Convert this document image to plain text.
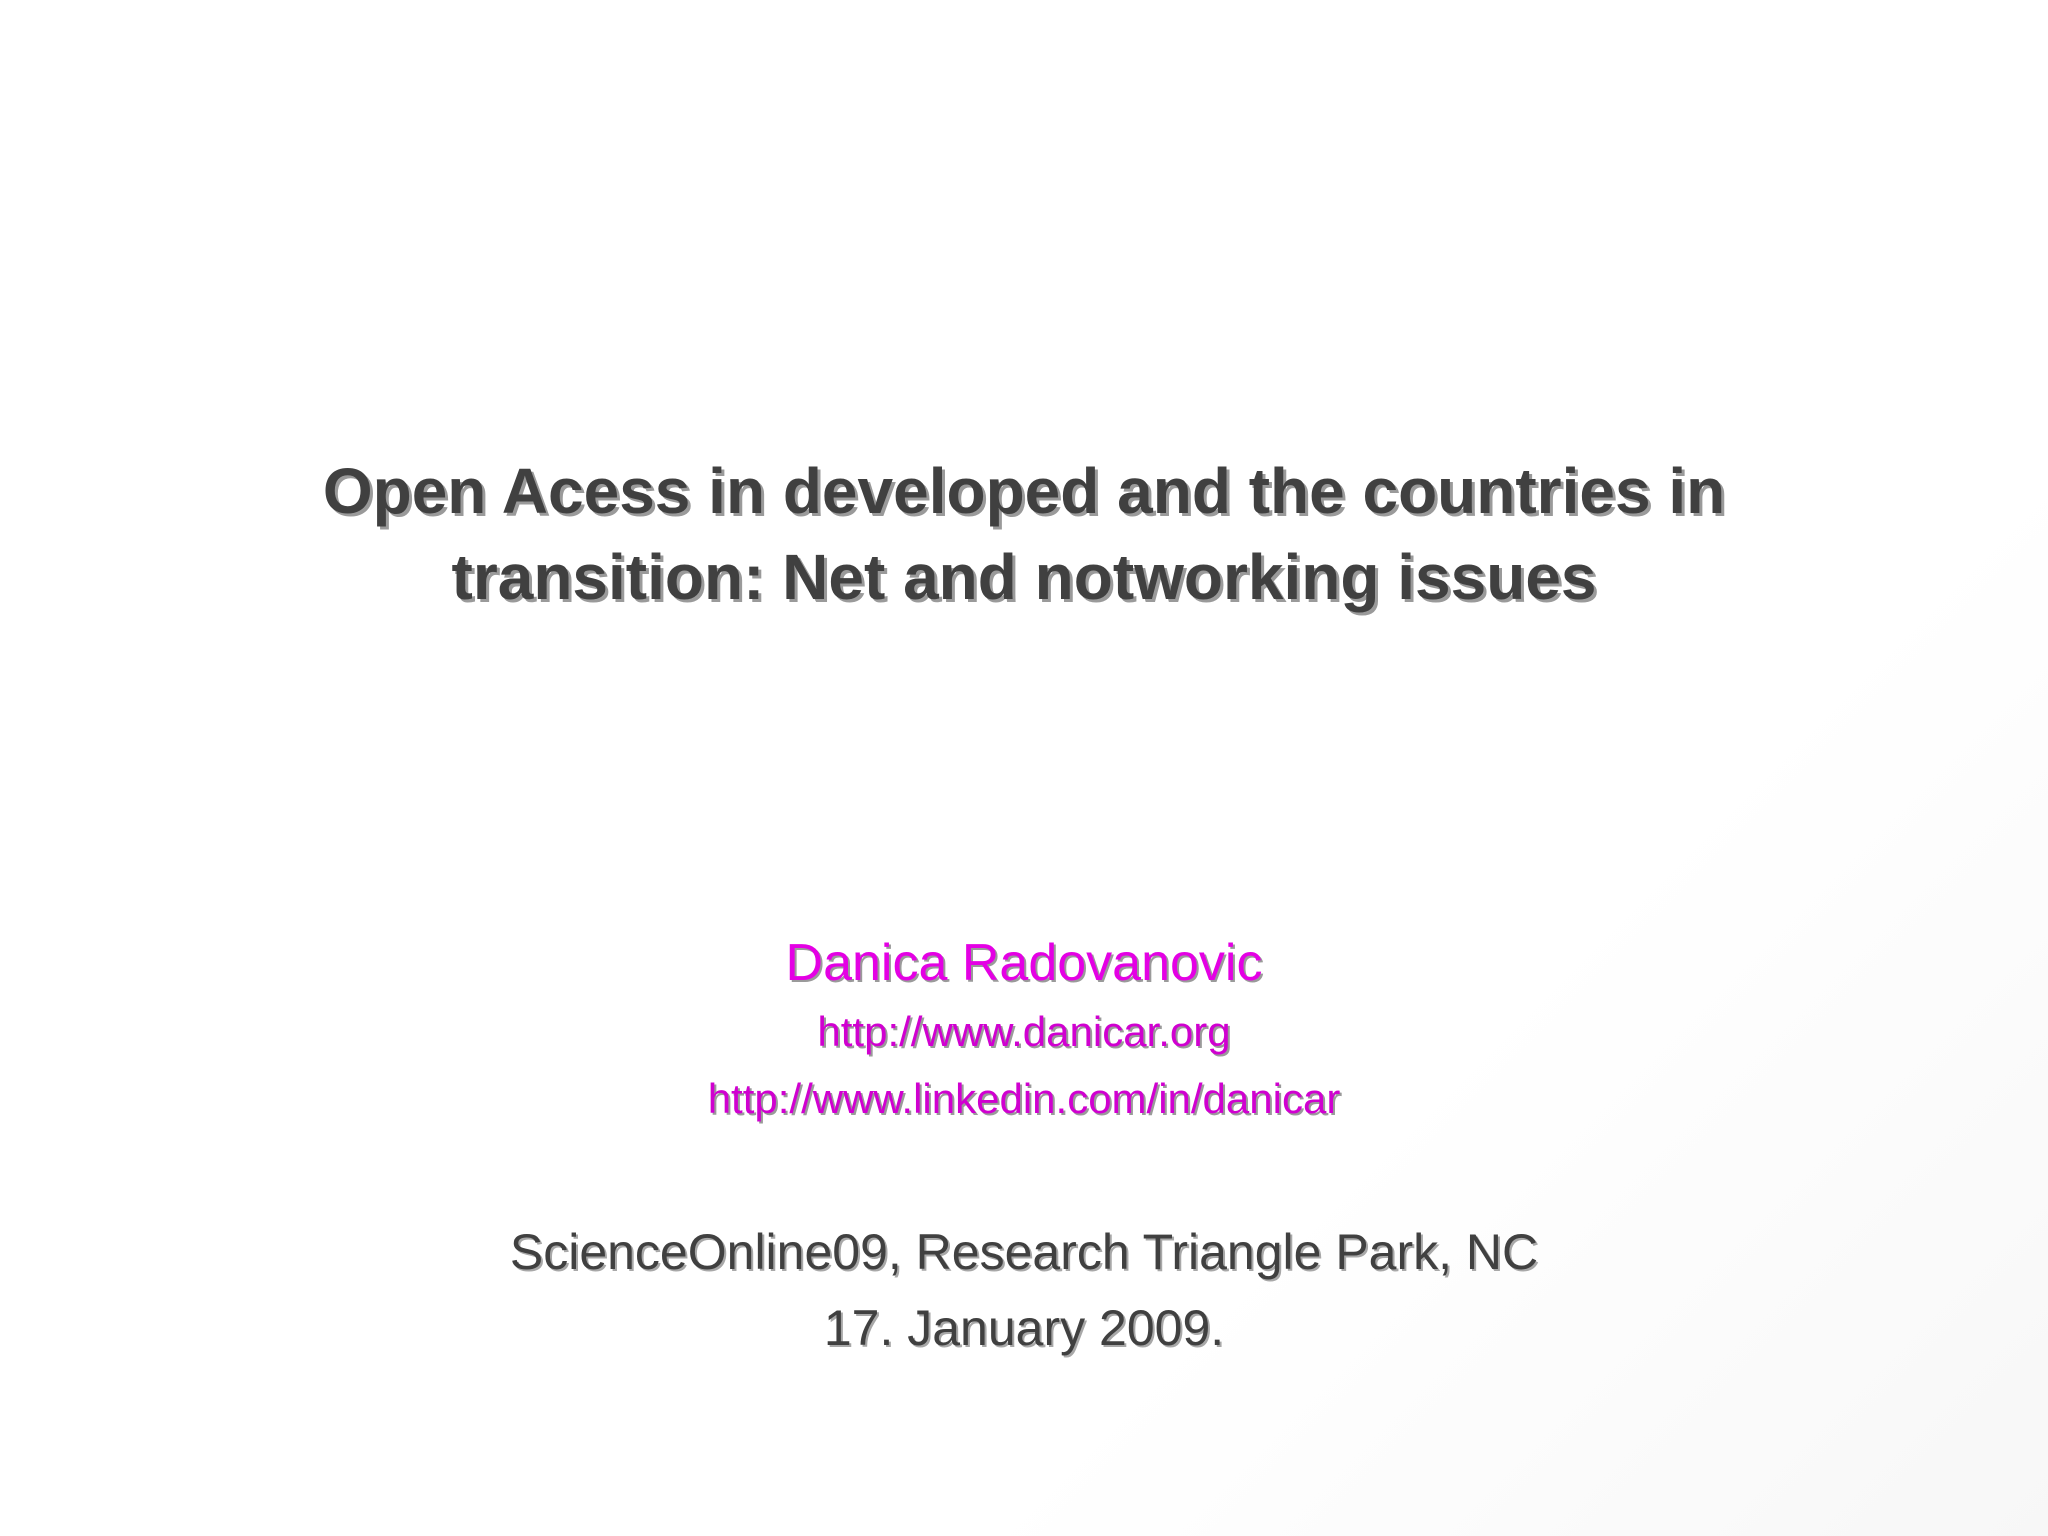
Open Acess in developed and the countries in
transition: Net and notworking issues
Danica Radovanovic
http://www.danicar.org
http://www.linkedin.com/in/danicar
ScienceOnline09, Research Triangle Park, NC
17. January 2009.
